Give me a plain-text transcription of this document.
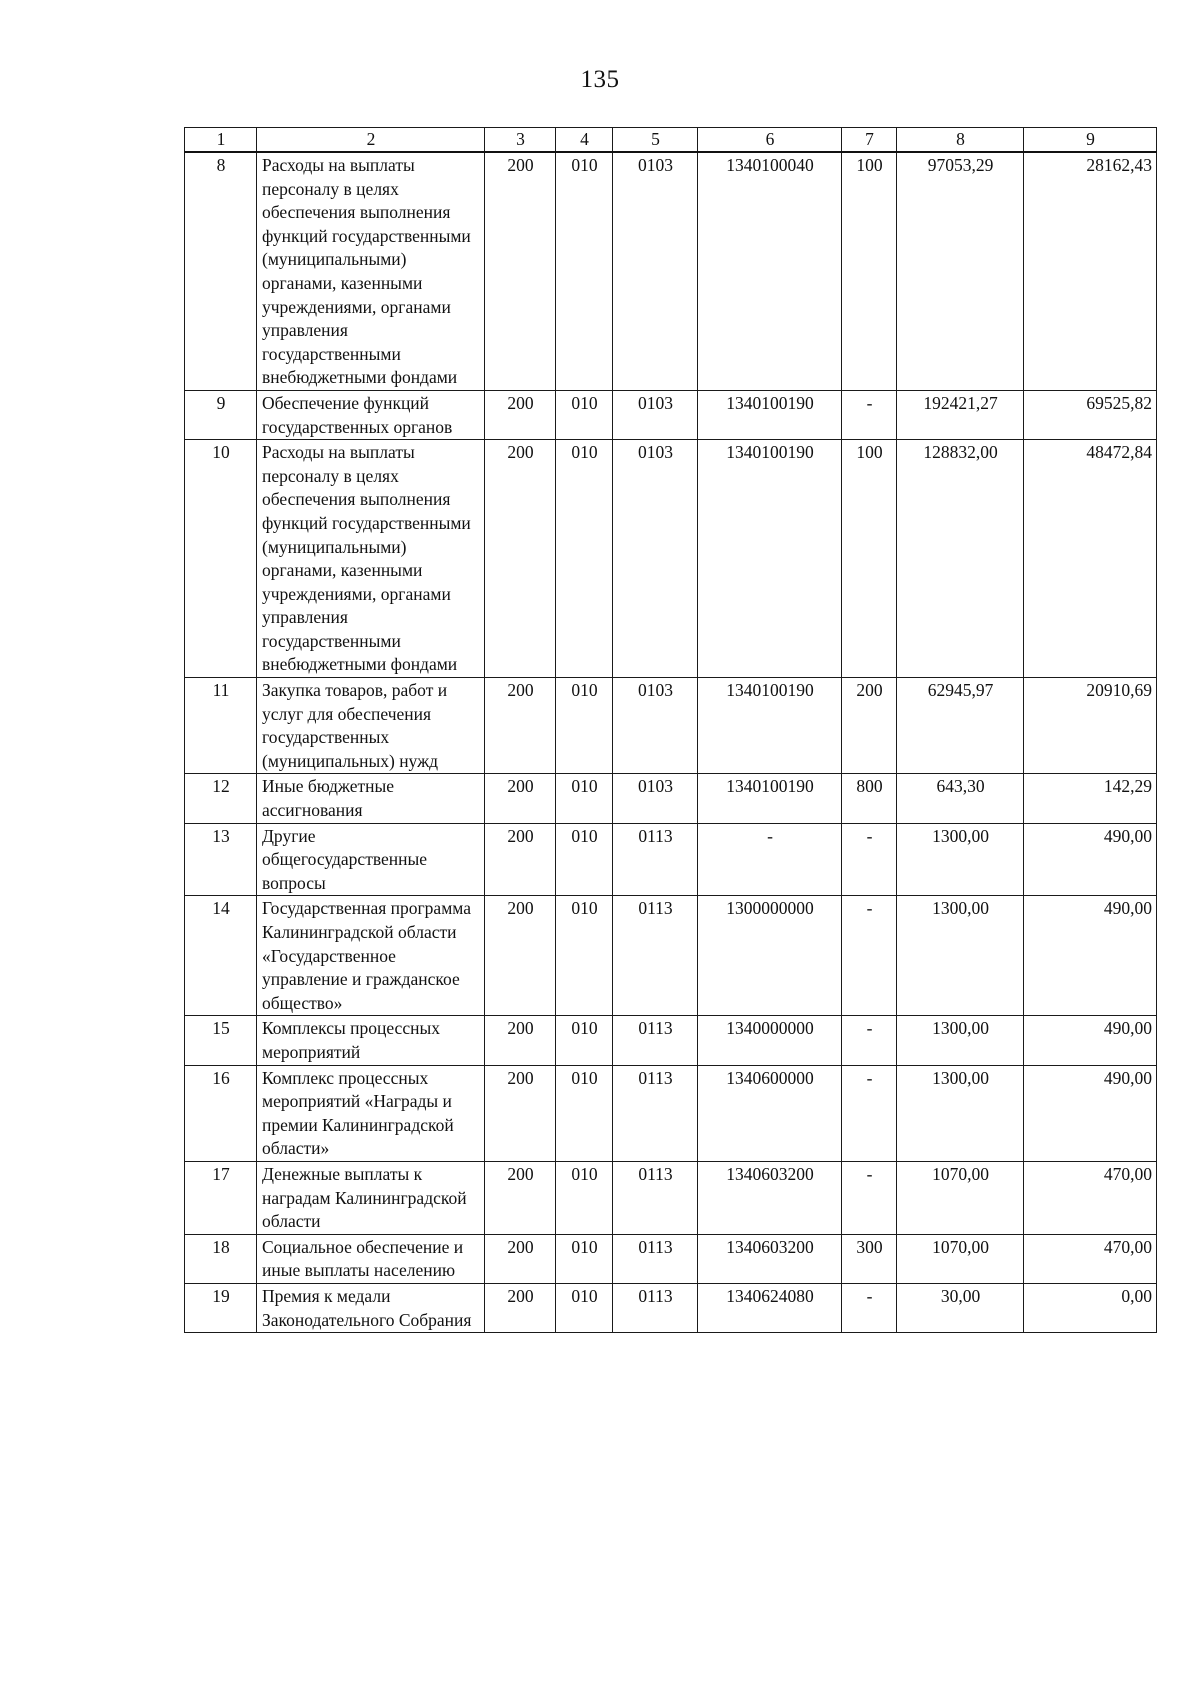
135
1	2	3	4	5	6	7	8	9
8	Расходы на выплаты персоналу в целях обеспечения выполнения функций государственными (муниципальными) органами, казенными учреждениями, органами управления государственными внебюджетными фондами	200	010	0103	1340100040	100	97053,29	28162,43
9	Обеспечение функций государственных органов	200	010	0103	1340100190	-	192421,27	69525,82
10	Расходы на выплаты персоналу в целях обеспечения выполнения функций государственными (муниципальными) органами, казенными учреждениями, органами управления государственными внебюджетными фондами	200	010	0103	1340100190	100	128832,00	48472,84
11	Закупка товаров, работ и услуг для обеспечения государственных (муниципальных) нужд	200	010	0103	1340100190	200	62945,97	20910,69
12	Иные бюджетные ассигнования	200	010	0103	1340100190	800	643,30	142,29
13	Другие общегосударственные вопросы	200	010	0113	-	-	1300,00	490,00
14	Государственная программа Калининградской области «Государственное управление и гражданское общество»	200	010	0113	1300000000	-	1300,00	490,00
15	Комплексы процессных мероприятий	200	010	0113	1340000000	-	1300,00	490,00
16	Комплекс процессных мероприятий «Награды и премии Калининградской области»	200	010	0113	1340600000	-	1300,00	490,00
17	Денежные выплаты к наградам Калининградской области	200	010	0113	1340603200	-	1070,00	470,00
18	Социальное обеспечение и иные выплаты населению	200	010	0113	1340603200	300	1070,00	470,00
19	Премия к медали Законодательного Собрания	200	010	0113	1340624080	-	30,00	0,00
